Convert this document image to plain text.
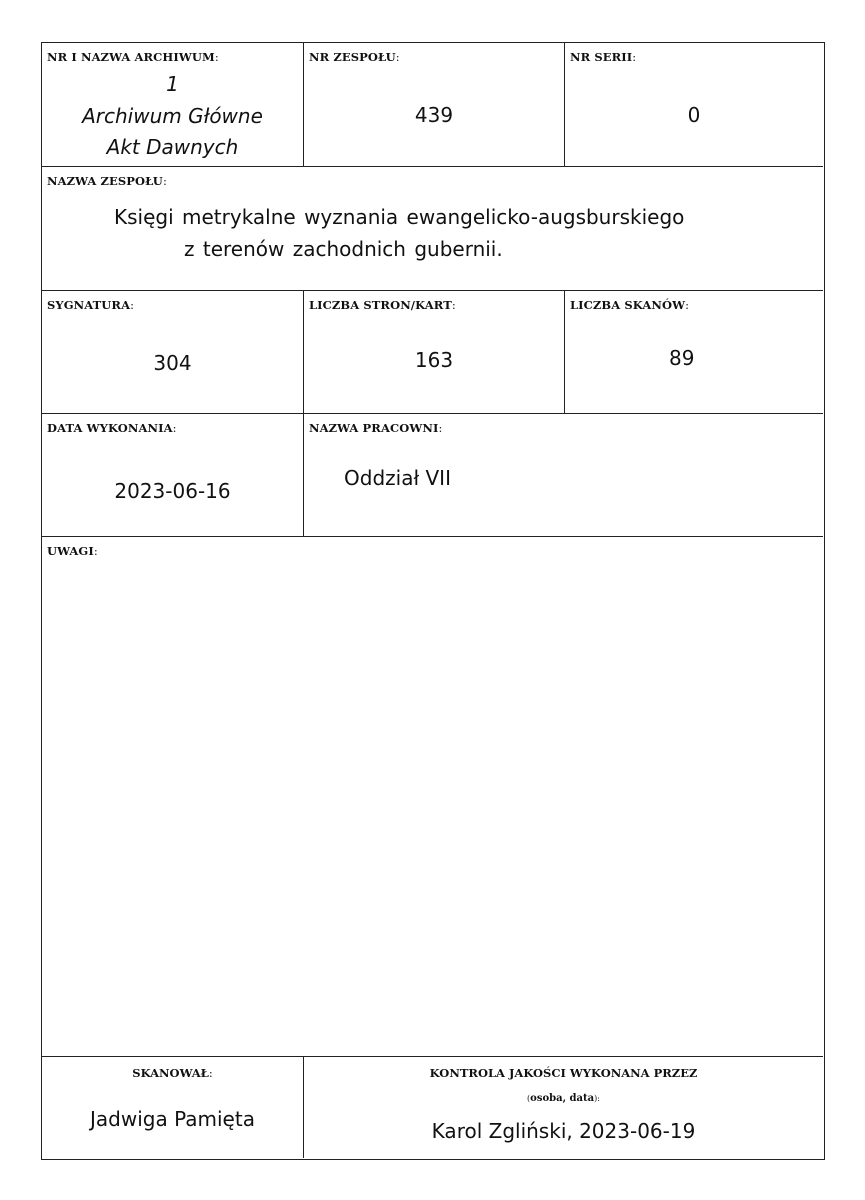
NR I NAZWA ARCHIWUM:
1
Archiwum Główne
Akt Dawnych
NR ZESPOŁU:
439
NR SERII:
0
NAZWA ZESPOŁU:
Księgi metrykalne wyznania ewangelicko-augsburskiego
z terenów zachodnich gubernii.
SYGNATURA:
304
LICZBA STRON/KART:
163
LICZBA SKANÓW:
89
DATA WYKONANIA:
2023-06-16
NAZWA PRACOWNI:
Oddział VII
UWAGI:
SKANOWAŁ:
Jadwiga Pamięta
KONTROLA JAKOŚCI WYKONANA PRZEZ
(osoba, data):
Karol Zgliński, 2023-06-19
